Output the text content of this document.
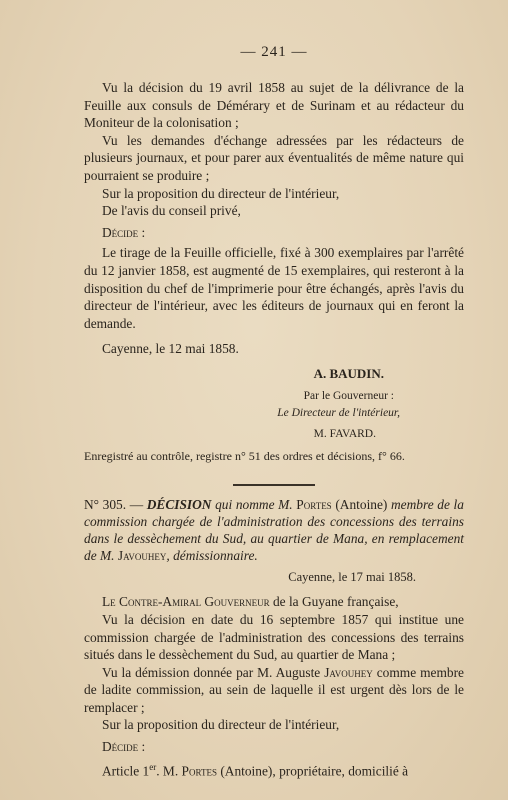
— 241 —

Vu la décision du 19 avril 1858 au sujet de la délivrance de la Feuille aux consuls de Démérary et de Surinam et au rédacteur du Moniteur de la colonisation ;

Vu les demandes d'échange adressées par les rédacteurs de plusieurs journaux, et pour parer aux éventualités de même nature qui pourraient se produire ;

Sur la proposition du directeur de l'intérieur,

De l'avis du conseil privé,

Décide :

Le tirage de la Feuille officielle, fixé à 300 exemplaires par l'arrêté du 12 janvier 1858, est augmenté de 15 exemplaires, qui resteront à la disposition du chef de l'imprimerie pour être échangés, après l'avis du directeur de l'intérieur, avec les éditeurs de journaux qui en feront la demande.

Cayenne, le 12 mai 1858.

A. BAUDIN.
Par le Gouverneur :
Le Directeur de l'intérieur,
M. FAVARD.

Enregistré au contrôle, registre n° 51 des ordres et décisions, f° 66.

N° 305. — DÉCISION qui nomme M. Portes (Antoine) membre de la commission chargée de l'administration des concessions des terrains dans le dessèchement du Sud, au quartier de Mana, en remplacement de M. Javouhey, démissionnaire.

Cayenne, le 17 mai 1858.

Le Contre-Amiral Gouverneur de la Guyane française,

Vu la décision en date du 16 septembre 1857 qui institue une commission chargée de l'administration des concessions des terrains situés dans le dessèchement du Sud, au quartier de Mana ;

Vu la démission donnée par M. Auguste Javouhey comme membre de ladite commission, au sein de laquelle il est urgent dès lors de le remplacer ;

Sur la proposition du directeur de l'intérieur,

Décide :

Article 1er. M. Portes (Antoine), propriétaire, domicilié à
